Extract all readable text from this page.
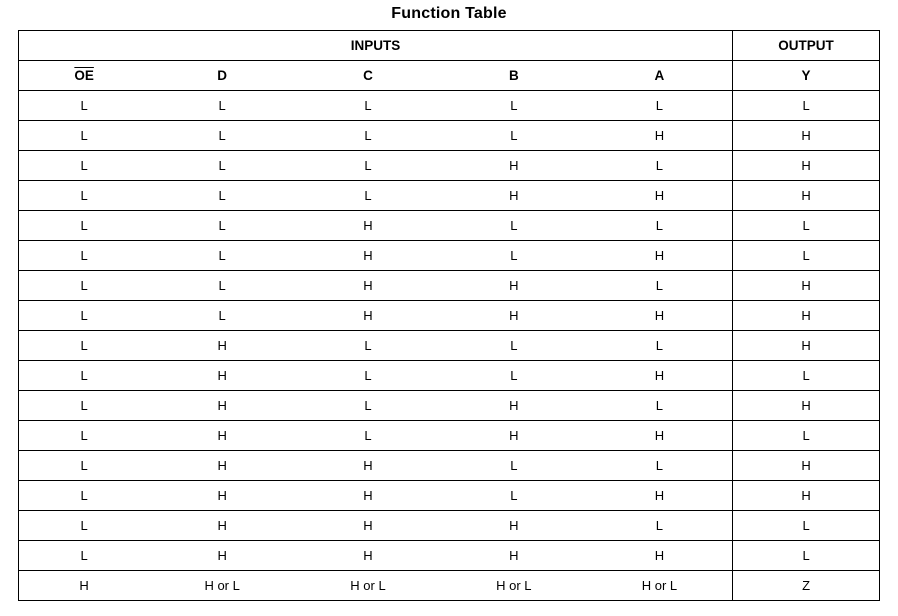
Function Table
INPUTS					OUTPUT
$\overline{OE}$	D	C	B	A	Y
L	L	L	L	L	L
L	L	L	L	H	H
L	L	L	H	L	H
L	L	L	H	H	H
L	L	H	L	L	L
L	L	H	L	H	L
L	L	H	H	L	H
L	L	H	H	H	H
L	H	L	L	L	H
L	H	L	L	H	L
L	H	L	H	L	H
L	H	L	H	H	L
L	H	H	L	L	H
L	H	H	L	H	H
L	H	H	H	L	L
L	H	H	H	H	L
H	H or L	H or L	H or L	H or L	Z
